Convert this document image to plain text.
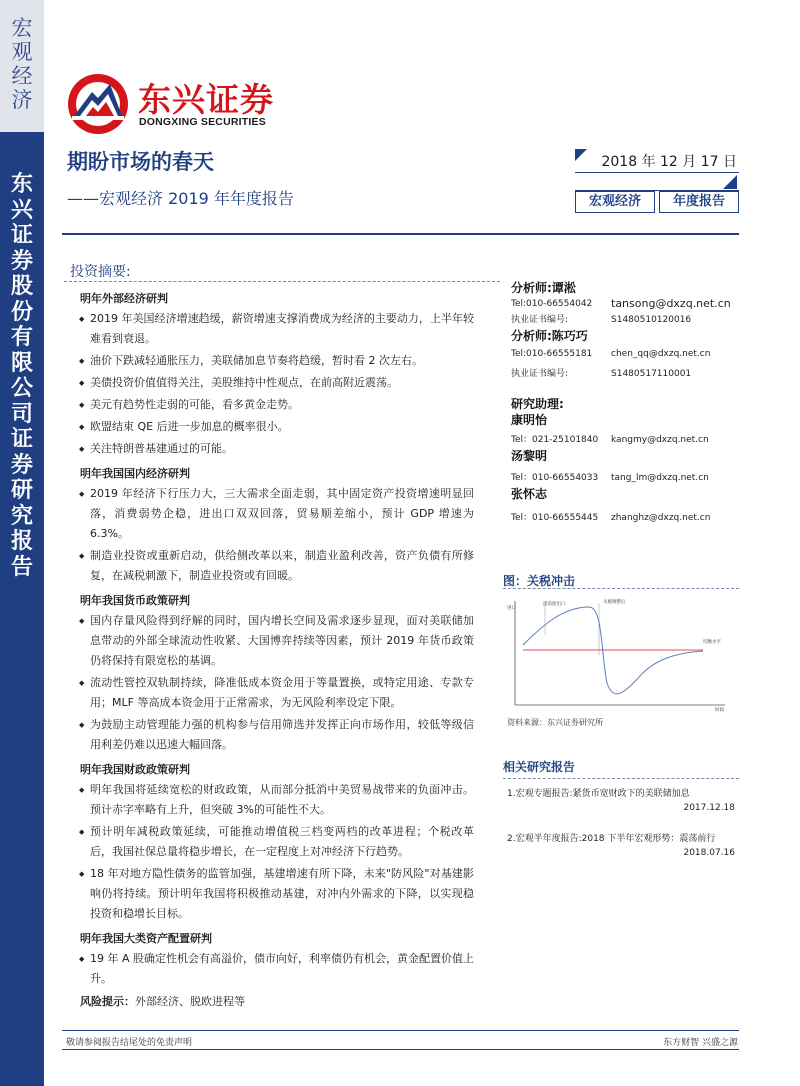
宏
观
经
济
东
兴
证
券
股
份
有
限
公
司
证
券
研
究
报
告
东兴证券
DONGXING SECURITIES
期盼市场的春天
——宏观经济 2019 年年度报告
2018 年 12 月 17 日
宏观经济	年度报告
投资摘要:
明年外部经济研判
◆ 2019 年美国经济增速趋缓，薪资增速支撑消费成为经济的主要动力，上半年较难看到衰退。
◆ 油价下跌减轻通胀压力，美联储加息节奏将趋缓，暂时看 2 次左右。
◆ 美债投资价值值得关注，美股维持中性观点，在前高附近震荡。
◆ 美元有趋势性走弱的可能，看多黄金走势。
◆ 欧盟结束 QE 后进一步加息的概率很小。
◆ 关注特朗普基建通过的可能。
明年我国国内经济研判
◆ 2019 年经济下行压力大，三大需求全面走弱，其中固定资产投资增速明显回落，消费弱势企稳，进出口双双回落，贸易顺差缩小，预计 GDP 增速为 6.3%。
◆ 制造业投资或重新启动，供给侧改革以来，制造业盈利改善，资产负债有所修复，在减税刺激下，制造业投资或有回暖。
明年我国货币政策研判
◆ 国内存量风险得到纾解的同时，国内增长空间及需求逐步显现，面对美联储加息带动的外部全球流动性收紧、大国博弈持续等因素，预计 2019 年货币政策仍将保持有限宽松的基调。
◆ 流动性管控双轨制持续，降准低成本资金用于等量置换，或特定用途、专款专用；MLF 等高成本资金用于正常需求，为无风险利率设定下限。
◆ 为鼓励主动管理能力强的机构参与信用筛选并发挥正向市场作用，较低等级信用利差仍难以迅速大幅回落。
明年我国财政政策研判
◆ 明年我国将延续宽松的财政政策，从而部分抵消中美贸易战带来的负面冲击。预计赤字率略有上升，但突破 3%的可能性不大。
◆ 预计明年减税政策延续，可能推动增值税三档变两档的改革进程；个税改革后，我国社保总量将稳步增长，在一定程度上对冲经济下行趋势。
◆ 18 年对地方隐性债务的监管加强，基建增速有所下降，未来"防风险"对基建影响仍将持续。预计明年我国将积极推动基建，对冲内外需求的下降，以实现稳投资和稳增长目标。
明年我国大类资产配置研判
◆ 19 年 A 股确定性机会有高溢价，债市向好，利率债仍有机会，黄金配置价值上升。
风险提示：外部经济、脱欧进程等
分析师:谭淞
Tel:010-66554042 tansong@dxzq.net.cn
执业证书编号:	S1480510120016
分析师:陈巧巧
Tel:010-66555181 chen_qq@dxzq.net.cn
执业证书编号:	S1480517110001
研究助理:
康明怡
Tel：021-25101840 kangmy@dxzq.net.cn
汤黎明
Tel：010-66554033 tang_lm@dxzq.net.cn
张怀志
Tel：010-66555445 zhanghz@dxzq.net.cn
图：关税冲击
进口
提前抢出口	关税调整后
均衡水平
时间
资料来源：东兴证券研究所
相关研究报告
1.宏观专题报告:紧货币宽财政下的美联储加息
2017.12.18
2.宏观半年度报告:2018 下半年宏观形势：震荡前行
2018.07.16
敬请参阅报告结尾处的免责声明	东方财智 兴盛之源
